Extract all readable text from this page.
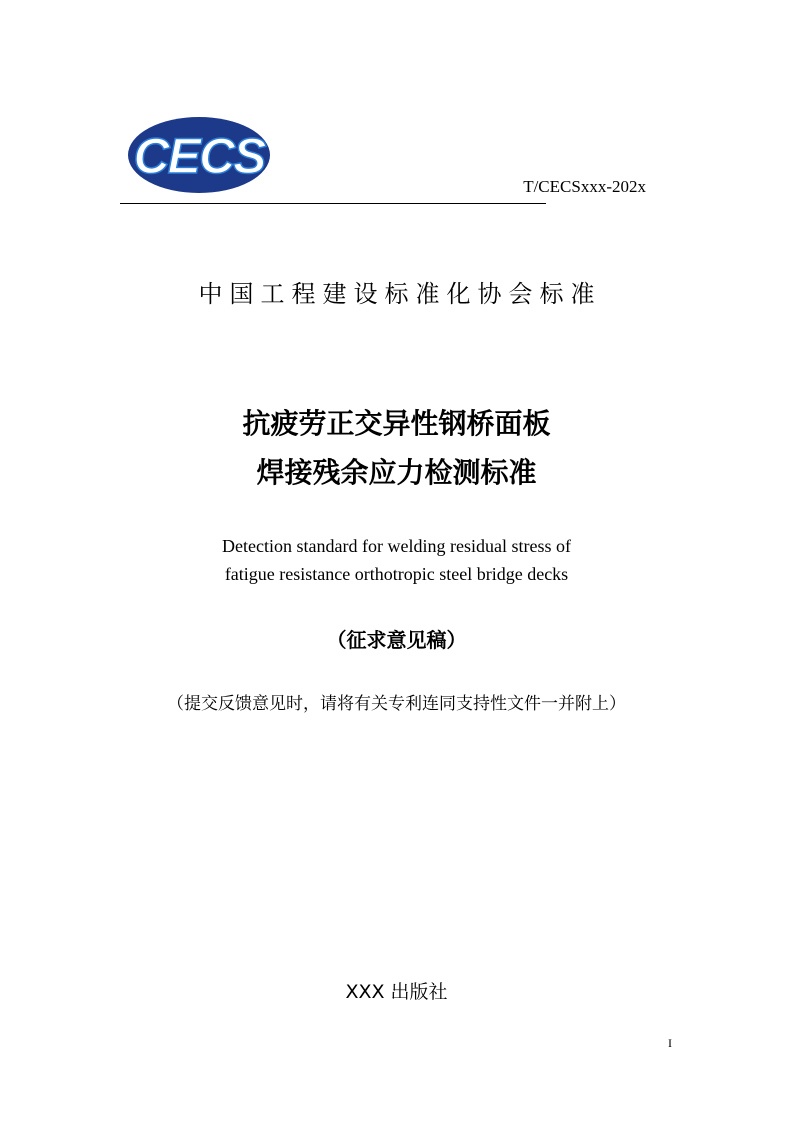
CECS
T/CECSxxx-202x
中国工程建设标准化协会标准
抗疲劳正交异性钢桥面板
焊接残余应力检测标准
Detection standard for welding residual stress of
fatigue resistance orthotropic steel bridge decks
（征求意见稿）
（提交反馈意见时，请将有关专利连同支持性文件一并附上）
XXX 出版社
I
